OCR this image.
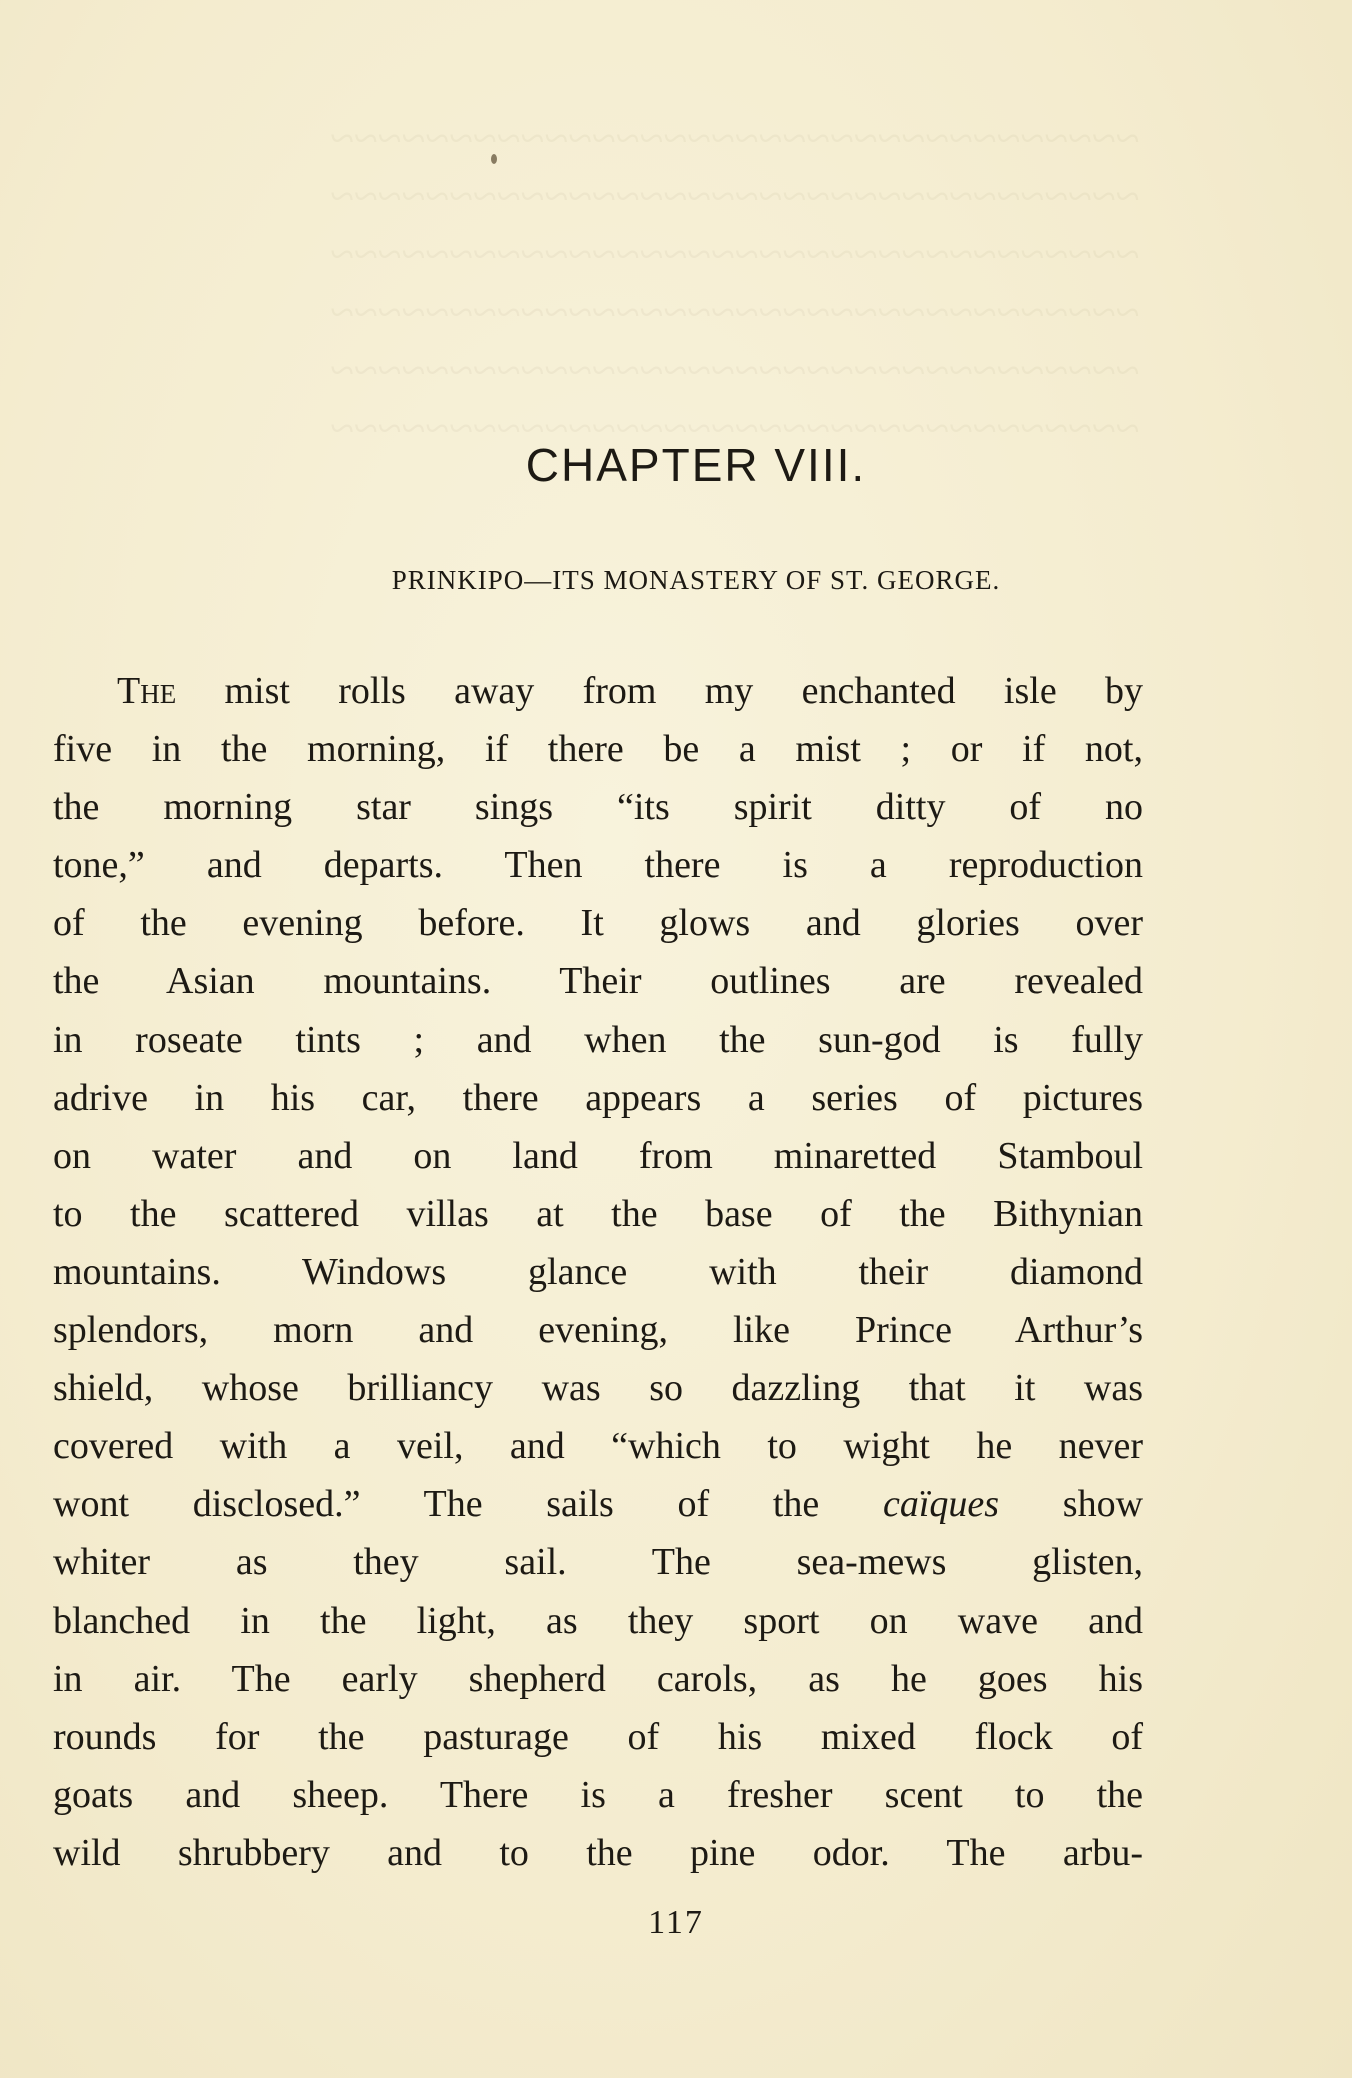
~~~~~~~~~~~~~~~~~~~~~~~~~~~~~~~~~~
~~~~~~~~~~~~~~~~~~~~~~~~~~~~~~~~~~
~~~~~~~~~~~~~~~~~~~~~~~~~~~~~~~~~~
~~~~~~~~~~~~~~~~~~~~~~~~~~~~~~~~~~
~~~~~~~~~~~~~~~~~~~~~~~~~~~~~~~~~~
~~~~~~~~~~~~~~~~~~~~~~~~~~~~~~~~~~
CHAPTER VIII.
PRINKIPO—ITS MONASTERY OF ST. GEORGE.
The mist rolls away from my enchanted isle by
five in the morning, if there be a mist ; or if not,
the morning star sings “its spirit ditty of no
tone,” and departs. Then there is a reproduction
of the evening before. It glows and glories over
the Asian mountains. Their outlines are revealed
in roseate tints ; and when the sun-god is fully
adrive in his car, there appears a series of pictures
on water and on land from minaretted Stamboul
to the scattered villas at the base of the Bithynian
mountains. Windows glance with their diamond
splendors, morn and evening, like Prince Arthur’s
shield, whose brilliancy was so dazzling that it was
covered with a veil, and “which to wight he never
wont disclosed.” The sails of the caïques show
whiter as they sail. The sea-mews glisten,
blanched in the light, as they sport on wave and
in air. The early shepherd carols, as he goes his
rounds for the pasturage of his mixed flock of
goats and sheep. There is a fresher scent to the
wild shrubbery and to the pine odor. The arbu-
117
